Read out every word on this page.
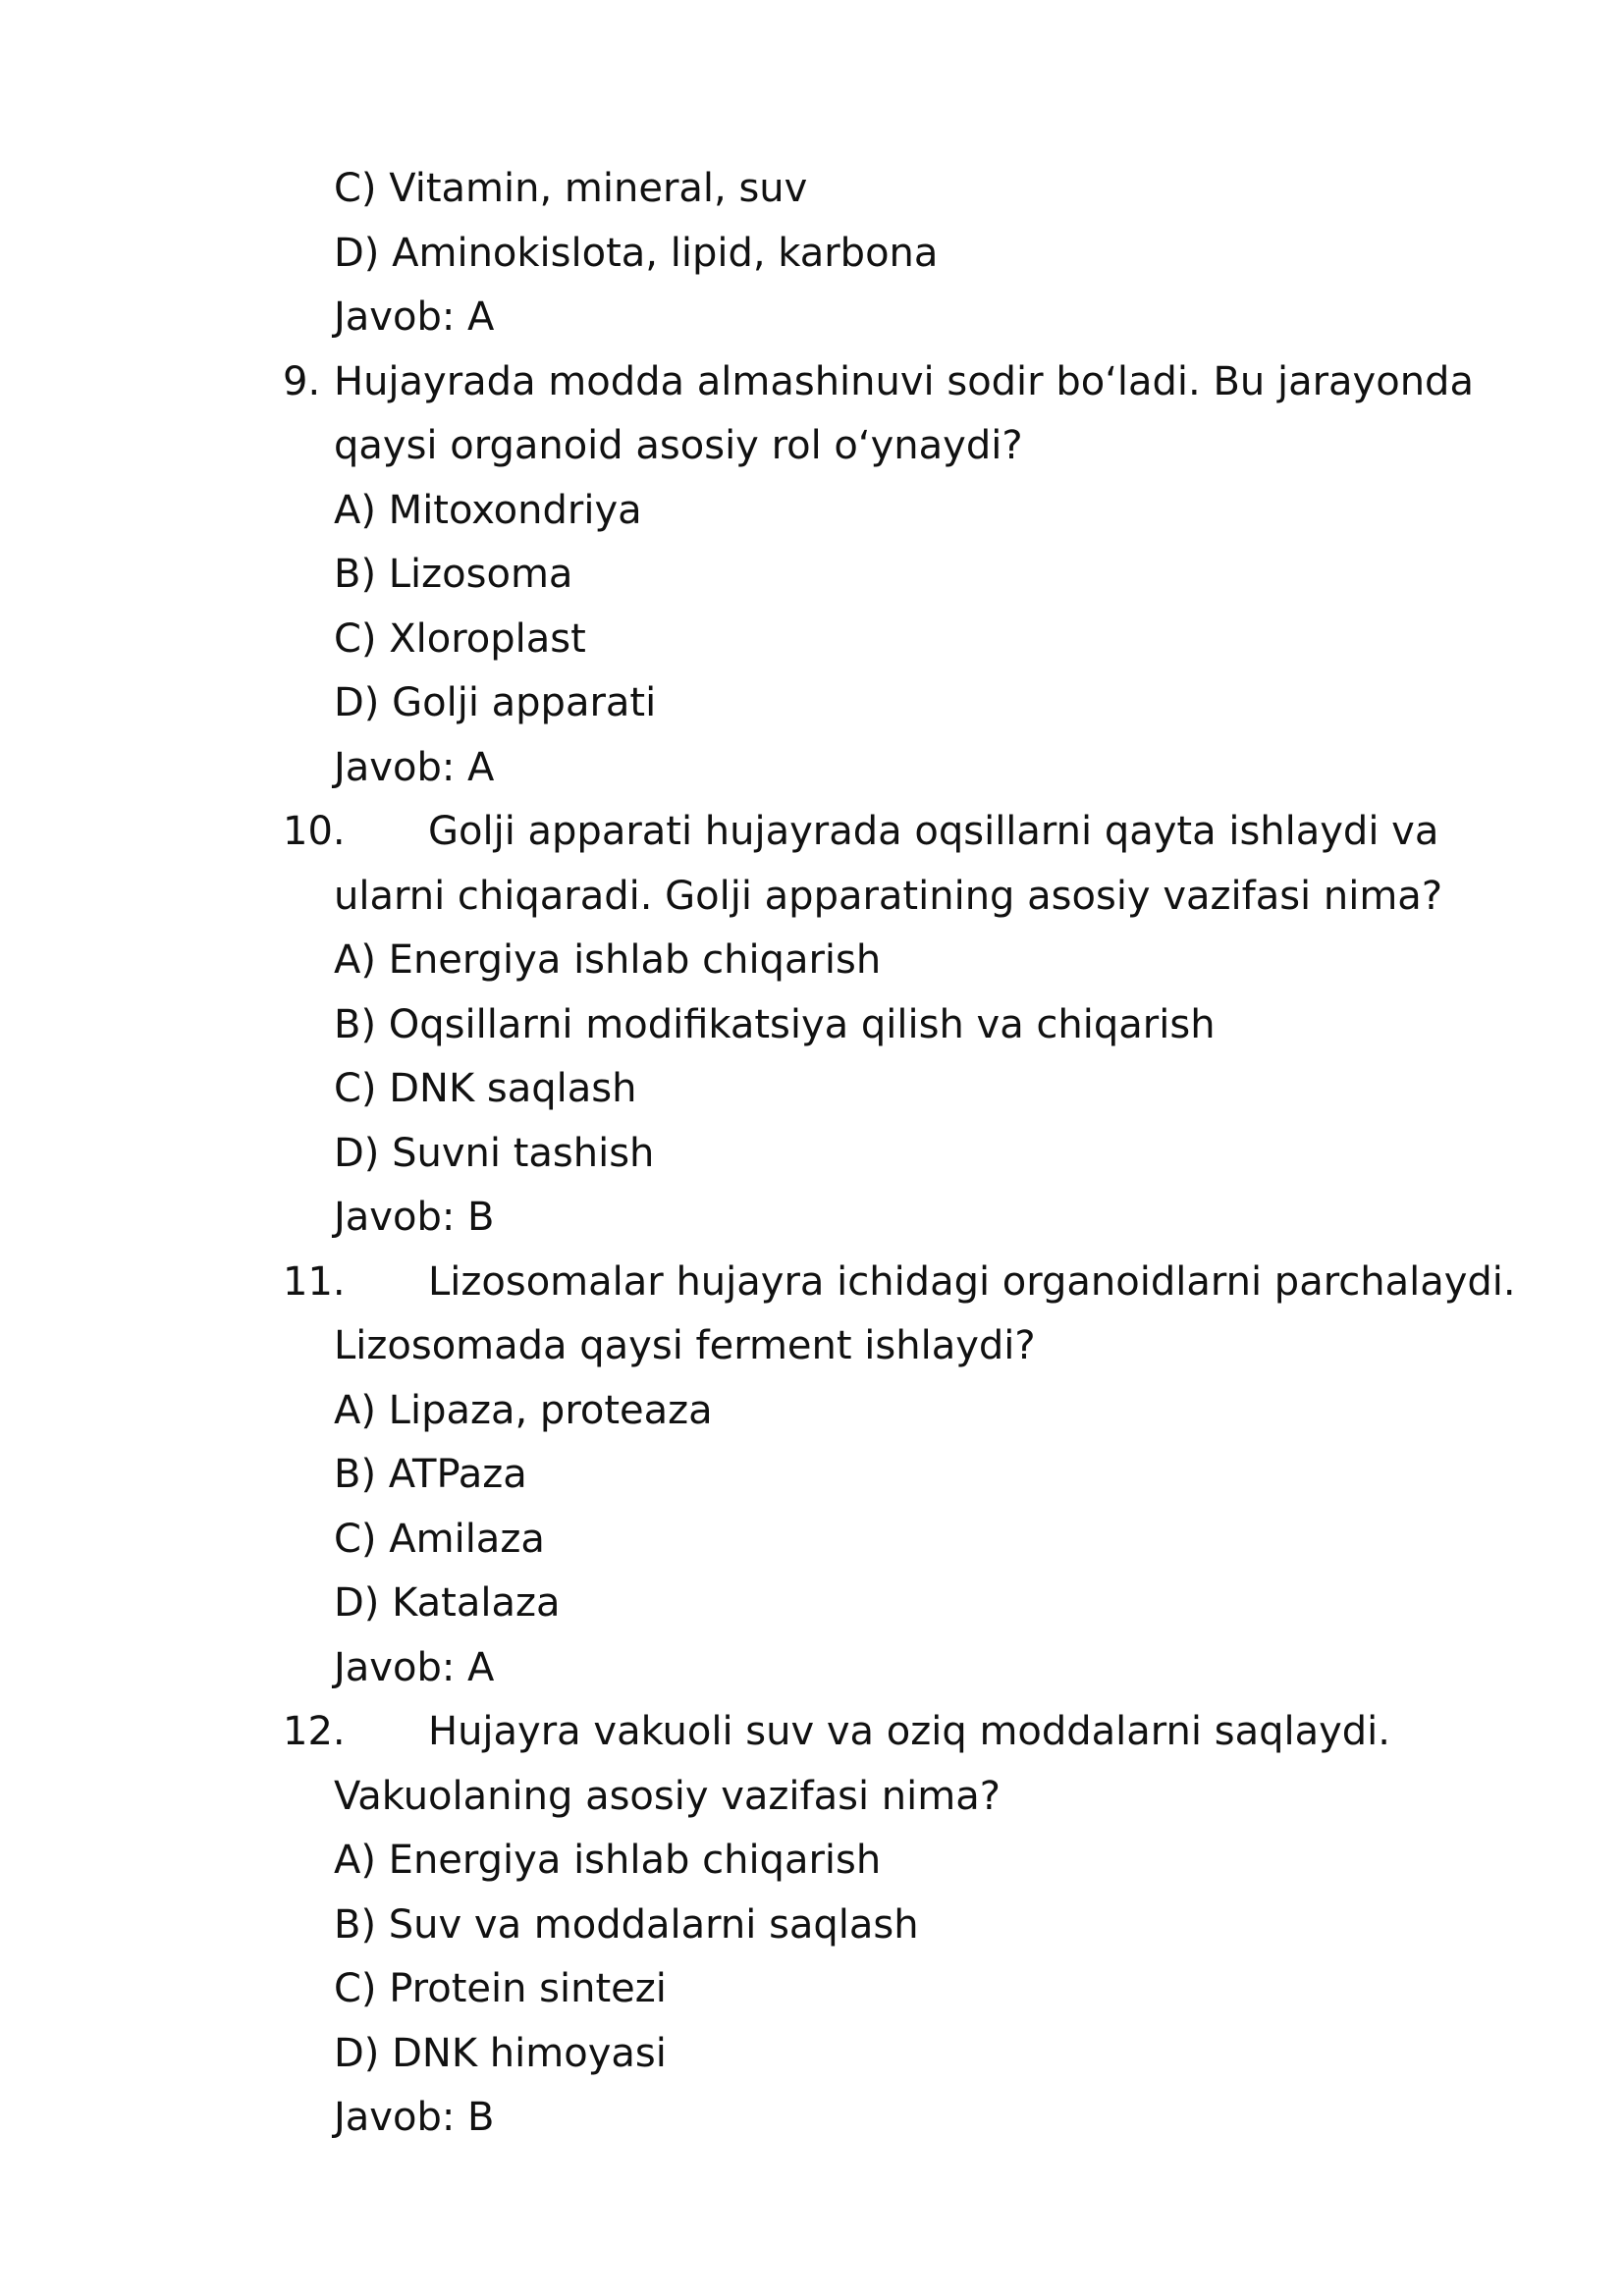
C) Vitamin, mineral, suv
D) Aminokislota, lipid, karbona
Javob: A
9. Hujayrada modda almashinuvi sodir bo‘ladi. Bu jarayonda
qaysi organoid asosiy rol o‘ynaydi?
A) Mitoxondriya
B) Lizosoma
C) Xloroplast
D) Golji apparati
Javob: A
10. Golji apparati hujayrada oqsillarni qayta ishlaydi va
ularni chiqaradi. Golji apparatining asosiy vazifasi nima?
A) Energiya ishlab chiqarish
B) Oqsillarni modifikatsiya qilish va chiqarish
C) DNK saqlash
D) Suvni tashish
Javob: B
11. Lizosomalar hujayra ichidagi organoidlarni parchalaydi.
Lizosomada qaysi ferment ishlaydi?
A) Lipaza, proteaza
B) ATPaza
C) Amilaza
D) Katalaza
Javob: A
12. Hujayra vakuoli suv va oziq moddalarni saqlaydi.
Vakuolaning asosiy vazifasi nima?
A) Energiya ishlab chiqarish
B) Suv va moddalarni saqlash
C) Protein sintezi
D) DNK himoyasi
Javob: B
